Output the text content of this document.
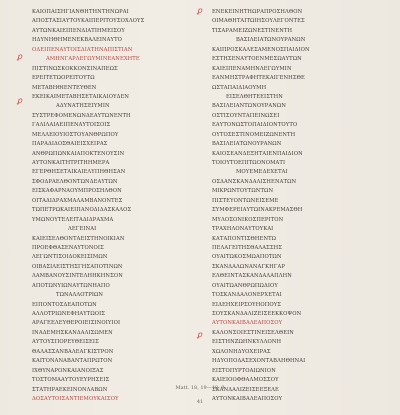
ΚΑΙΟΠΑΙΣΗΓΙΑΝΘΗΤΗΝΤΗΝΩΡΑΙ
ΑΠΟΣΤΑΣΙΑΥΤΟΥΚΑΙΠΕΡΙΤΟΥΣΟΧΛΟΥΣ
ΑΥΤΩΝΚΑΙΕΙΠΕΝΔΙΑΤΙΗΜΕΙΣΟΥ
ΗΔΥΝΗΘΗΜΕΝΕΚΒΑΛΕΙΝΑΥΤΟ
ΟΔΕΙΠΕΝΑΥΤΟΙΣΔΙΑΤΗΝΑΠΙΣΤΙΑΝ
ΑΜΗΝΓΑΡΛΕΓΩΥΜΙΝΕΑΝΕΧΗΤΕ
ΠΙΣΤΙΝΩΣΚΟΚΚΟΝΣΙΝΑΠΕΩΣ
ΕΡΕΙΤΕΤΩΟΡΕΙΤΟΥΤΩ
ΜΕΤΑΒΗΘΙΕΝΤΕΥΘΕΝ
ΕΚΕΙΚΑΙΜΕΤΑΒΗΣΕΤΑΙΚΑΙΟΥΔΕΝ
ΑΔΥΝΑΤΗΣΕΙΥΜΙΝ
ΣΥΣΤΡΕΦΟΜΕΝΩΝΔΕΑΥΤΩΝΕΝΤΗ
ΓΑΛΙΛΑΙΑΕΙΠΕΝΑΥΤΟΙΣΟΙΣ
ΜΕΛΛΕΙΟΥΙΟΣΤΟΥΑΝΘΡΩΠΟΥ
ΠΑΡΑΔΙΔΟΣΘΑΙΕΙΣΧΕΙΡΑΣ
ΑΝΘΡΩΠΩΝΚΑΙΑΠΟΚΤΕΝΟΥΣΙΝ
ΑΥΤΟΝΚΑΙΤΗΤΡΙΤΗΗΜΕΡΑ
ΕΓΕΡΘΗΣΕΤΑΙΚΑΙΕΛΥΠΗΘΗΣΑΝ
ΣΦΟΔΡΑΕΛΘΟΝΤΩΝΔΕΑΥΤΩΝ
ΕΙΣΚΑΦΑΡΝΑΟΥΜΠΡΟΣΗΛΘΟΝ
ΟΙΤΑΔΙΔΡΑΧΜΑΛΑΜΒΑΝΟΝΤΕΣ
ΤΩΠΕΤΡΩΚΑΙΕΙΠΑΝΟΔΙΔΑΣΚΑΛΟΣ
ΥΜΩΝΟΥΤΕΛΕΙΤΑΔΙΔΡΑΧΜΑ
ΛΕΓΕΙΝΑΙ
ΚΑΙΕΙΣΕΛΘΟΝΤΑΕΙΣΤΗΝΟΙΚΙΑΝ
ΠΡΟΕΦΘΑΣΕΝΑΥΤΟΝΟΙΣ
ΛΕΓΩΝΤΙΣΟΙΔΟΚΕΙΣΙΜΩΝ
ΟΙΒΑΣΙΛΕΙΣΤΗΣΓΗΣΑΠΟΤΙΝΩΝ
ΛΑΜΒΑΝΟΥΣΙΝΤΕΛΗΗΚΗΝΣΟΝ
ΑΠΟΤΩΝΥΙΩΝΑΥΤΩΝΗΑΠΟ
ΤΩΝΑΛΛΟΤΡΙΩΝ
ΕΙΠΟΝΤΟΣΔΕΑΠΟΤΩΝ
ΑΛΛΟΤΡΙΩΝΕΦΗΑΥΤΩΟΙΣ
ΑΡΑΓΕΕΛΕΥΘΕΡΟΙΕΙΣΙΝΟΙΥΙΟΙ
ΙΝΑΔΕΜΗΣΚΑΝΔΑΛΙΣΩΜΕΝ
ΑΥΤΟΥΣΠΟΡΕΥΘΕΙΣΕΙΣ
ΘΑΛΑΣΣΑΝΒΑΛΕΑΓΚΙΣΤΡΟΝ
ΚΑΙΤΟΝΑΝΑΒΑΝΤΑΠΡΩΤΟΝ
ΙΧΘΥΝΑΡΟΝΚΑΙΑΝΟΙΞΑΣ
ΤΟΣΤΟΜΑΑΥΤΟΥΕΥΡΗΣΕΙΣ
ΣΤΑΤΗΡΑΕΚΕΙΝΟΝΛΑΒΩΝ
ΔΟΣΑΥΤΟΙΣΑΝΤΙΕΜΟΥΚΑΙΣΟΥ
ΕΝΕΚΕΙΝΗΤΗΩΡΑΠΡΟΣΗΛΘΟΝ
ΟΙΜΑΘΗΤΑΙΤΩΙΗΣΟΥΛΕΓΟΝΤΕΣ
ΤΙΣΑΡΑΜΕΙΖΩΝΕΣΤΙΝΕΝΤΗ
ΒΑΣΙΛΕΙΑΤΩΝΟΥΡΑΝΩΝ
ΚΑΙΠΡΟΣΚΑΛΕΣΑΜΕΝΟΣΠΑΙΔΙΟΝ
ΕΣΤΗΣΕΝΑΥΤΟΕΝΜΕΣΩΑΥΤΩΝ
ΚΑΙΕΙΠΕΝΑΜΗΝΛΕΓΩΥΜΙΝ
ΕΑΝΜΗΣΤΡΑΦΗΤΕΚΑΙΓΕΝΗΣΘΕ
ΩΣΤΑΠΑΙΔΙΑΟΥΜΗ
ΕΙΣΕΛΘΗΤΕΕΙΣΤΗΝ
ΒΑΣΙΛΕΙΑΝΤΩΝΟΥΡΑΝΩΝ
ΟΣΤΙΣΟΥΝΤΑΠΕΙΝΩΣΕΙ
ΕΑΥΤΟΝΩΣΤΟΠΑΙΔΙΟΝΤΟΥΤΟ
ΟΥΤΟΣΕΣΤΙΝΟΜΕΙΖΩΝΕΝΤΗ
ΒΑΣΙΛΕΙΑΤΩΝΟΥΡΑΝΩΝ
ΚΑΙΟΣΕΑΝΔΕΞΗΤΑΙΕΝΠΑΙΔΙΟΝ
ΤΟΙΟΥΤΟΕΠΙΤΩΟΝΟΜΑΤΙ
ΜΟΥΕΜΕΔΕΧΕΤΑΙ
ΟΣΔΑΝΣΚΑΝΔΑΛΙΣΗΕΝΑΤΩΝ
ΜΙΚΡΩΝΤΟΥΤΩΝΤΩΝ
ΠΙΣΤΕΥΟΝΤΩΝΕΙΣΕΜΕ
ΣΥΜΦΕΡΕΙΑΥΤΩΙΝΑΚΡΕΜΑΣΘΗ
ΜΥΛΟΣΟΝΙΚΟΣΠΕΡΙΤΟΝ
ΤΡΑΧΗΛΟΝΑΥΤΟΥΚΑΙ
ΚΑΤΑΠΟΝΤΙΣΘΗΕΝΤΩ
ΠΕΛΑΓΕΙΤΗΣΘΑΛΑΣΣΗΣ
ΟΥΑΙΤΩΚΟΣΜΩΑΠΟΤΩΝ
ΣΚΑΝΔΑΛΩΝΑΝΑΓΚΗΓΑΡ
ΕΛΘΕΙΝΤΑΣΚΑΝΔΑΛΑΠΛΗΝ
ΟΥΑΙΤΩΑΝΘΡΩΠΩΔΙΟΥ
ΤΟΣΚΑΝΔΑΛΟΝΕΡΧΕΤΑΙ
ΕΙΔΕΗΧΕΙΡΣΟΥΗΟΠΟΥΣ
ΣΟΥΣΚΑΝΔΑΛΙΖΕΙΣΕΕΚΚΟΨΟΝ
ΑΥΤΟΝΚΑΙΒΑΛΕΑΠΟΣΟΥ
ΚΑΛΟΝΣΟΙΕΣΤΙΝΕΙΣΕΛΘΕΙΝ
ΕΙΣΤΗΝΖΩΗΝΚΥΛΛΟΝΗ
ΧΩΛΟΝΗΔΥΟΧΕΙΡΑΣ
ΗΔΥΟΠΟΔΑΣΕΧΟΝΤΑΒΛΗΘΗΝΑΙ
ΕΙΣΤΟΠΥΡΤΟΑΙΩΝΙΟΝ
ΚΑΙΕΙΟΟΦΘΑΛΜΟΣΣΟΥ
ΣΚΑΝΔΑΛΙΖΕΙΣΕΕΞΕΛΕ
ΑΥΤΟΝΚΑΙΒΑΛΕΑΠΟΣΟΥ
ꝑ
ꝑ
ꝑ
ꝑ
Matt. 18, 19—18, 9
41
